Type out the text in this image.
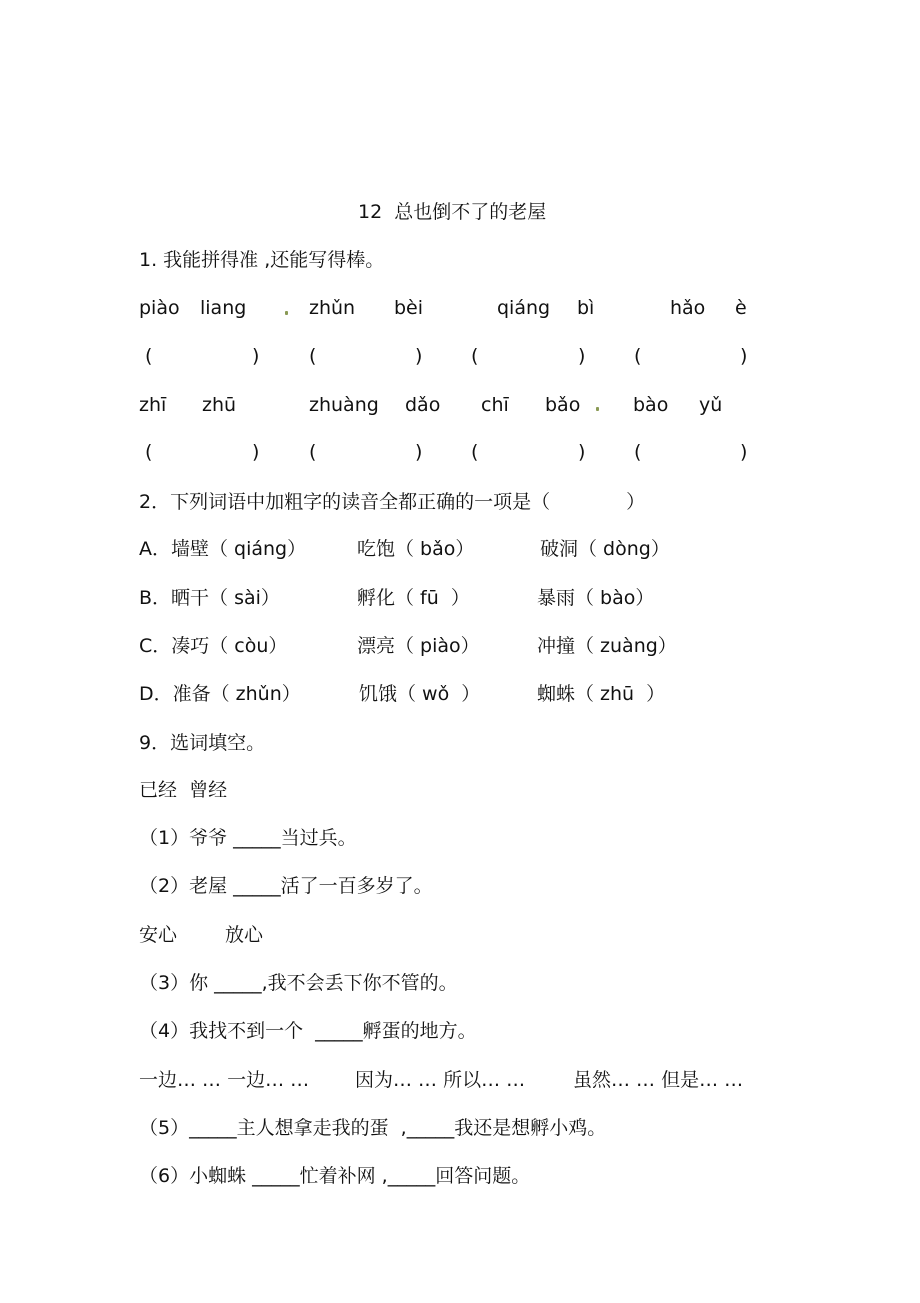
12  总也倒不了的老屋
1. 我能拼得准 ,还能写得棒。
piào liang	zhǔn bèi	qiáng bì	hǎo è
(	)	(	)	(	)	(	)
zhī zhū	zhuàng dǎo chī bǎo	bào yǔ
(	)	(	)	(	)	(	)
2．下列词语中加粗字的读音全都正确的一项是（　　　　）
A．墙壁（ qiáng）	吃饱（ bǎo）	破洞（ dòng）
B．晒干（ sài）	孵化（ fū  ）	暴雨（ bào）
C．凑巧（ còu）	漂亮（ piào）	冲撞（ zuàng）
D．准备（ zhǔn）	饥饿（ wǒ  ）	蜘蛛（ zhū  ）
9．选词填空。
已经  曾经
（1）爷爷 _____当过兵。
（2）老屋 _____活了一百多岁了。
安心	放心
（3）你 _____,我不会丢下你不管的。
（4）我找不到一个  _____孵蛋的地方。
一边… … 一边… … 因为… … 所以… …	虽然… … 但是… …
（5）_____主人想拿走我的蛋  ,_____我还是想孵小鸡。
（6）小蜘蛛 _____忙着补网 ,_____回答问题。
